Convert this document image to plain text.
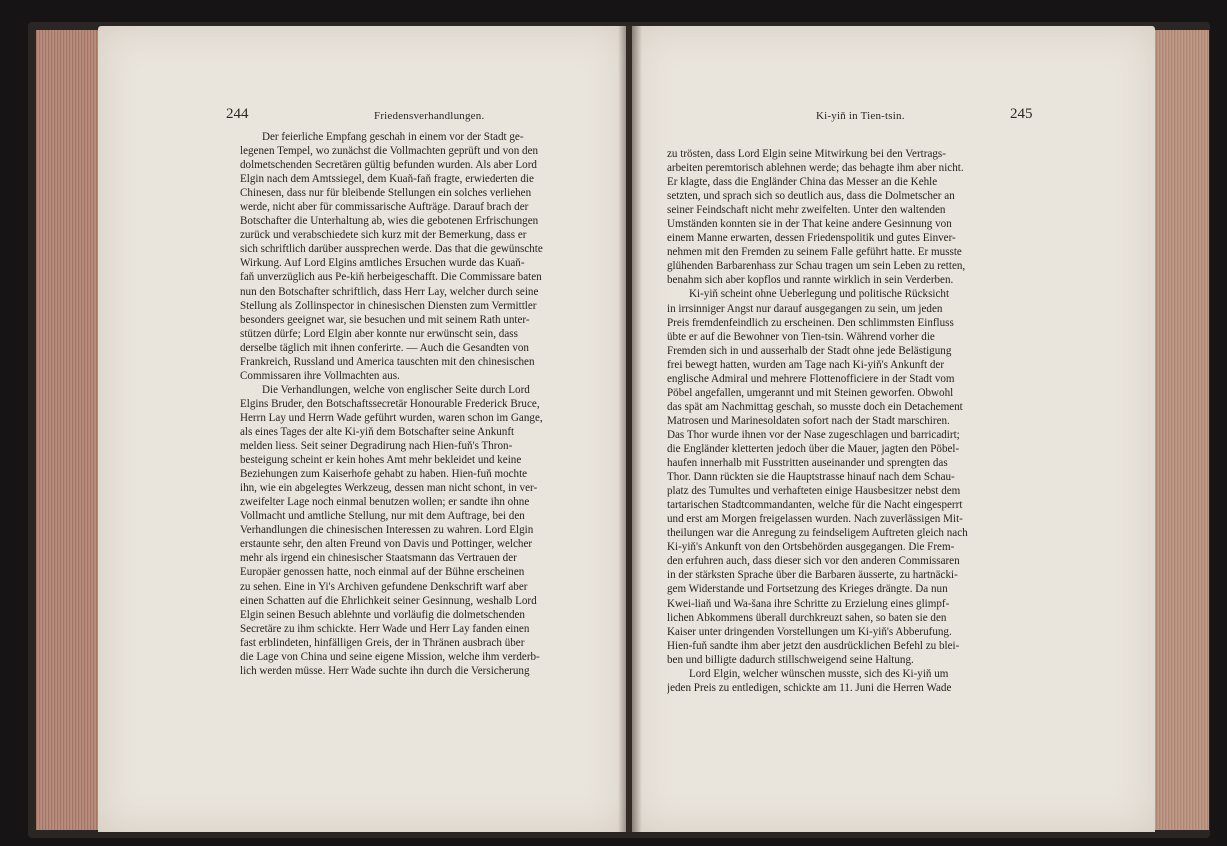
244	Friedensverhandlungen.	245
Ki-yiň in Tien-tsin.
Der feierliche Empfang geschah in einem vor der Stadt ge-
legenen Tempel, wo zunächst die Vollmachten geprüft und von den
dolmetschenden Secretären gültig befunden wurden. Als aber Lord
Elgin nach dem Amtssiegel, dem Kuaň-faň fragte, erwiederten die
Chinesen, dass nur für bleibende Stellungen ein solches verliehen
werde, nicht aber für commissarische Aufträge. Darauf brach der
Botschafter die Unterhaltung ab, wies die gebotenen Erfrischungen
zurück und verabschiedete sich kurz mit der Bemerkung, dass er
sich schriftlich darüber aussprechen werde. Das that die gewünschte
Wirkung. Auf Lord Elgins amtliches Ersuchen wurde das Kuaň-
faň unverzüglich aus Pe-kiň herbeigeschafft. Die Commissare baten
nun den Botschafter schriftlich, dass Herr Lay, welcher durch seine
Stellung als Zollinspector in chinesischen Diensten zum Vermittler
besonders geeignet war, sie besuchen und mit seinem Rath unter-
stützen dürfe; Lord Elgin aber konnte nur erwünscht sein, dass
derselbe täglich mit ihnen conferirte. — Auch die Gesandten von
Frankreich, Russland und America tauschten mit den chinesischen
Commissaren ihre Vollmachten aus.
Die Verhandlungen, welche von englischer Seite durch Lord
Elgins Bruder, den Botschaftssecretär Honourable Frederick Bruce,
Herrn Lay und Herrn Wade geführt wurden, waren schon im Gange,
als eines Tages der alte Ki-yiň dem Botschafter seine Ankunft
melden liess. Seit seiner Degradirung nach Hien-fuň's Thron-
besteigung scheint er kein hohes Amt mehr bekleidet und keine
Beziehungen zum Kaiserhofe gehabt zu haben. Hien-fuň mochte
ihn, wie ein abgelegtes Werkzeug, dessen man nicht schont, in ver-
zweifelter Lage noch einmal benutzen wollen; er sandte ihn ohne
Vollmacht und amtliche Stellung, nur mit dem Auftrage, bei den
Verhandlungen die chinesischen Interessen zu wahren. Lord Elgin
erstaunte sehr, den alten Freund von Davis und Pottinger, welcher
mehr als irgend ein chinesischer Staatsmann das Vertrauen der
Europäer genossen hatte, noch einmal auf der Bühne erscheinen
zu sehen. Eine in Yi's Archiven gefundene Denkschrift warf aber
einen Schatten auf die Ehrlichkeit seiner Gesinnung, weshalb Lord
Elgin seinen Besuch ablehnte und vorläufig die dolmetschenden
Secretäre zu ihm schickte. Herr Wade und Herr Lay fanden einen
fast erblindeten, hinfälligen Greis, der in Thränen ausbrach über
die Lage von China und seine eigene Mission, welche ihm verderb-
lich werden müsse. Herr Wade suchte ihn durch die Versicherung
zu trösten, dass Lord Elgin seine Mitwirkung bei den Vertrags-
arbeiten peremtorisch ablehnen werde; das behagte ihm aber nicht.
Er klagte, dass die Engländer China das Messer an die Kehle
setzten, und sprach sich so deutlich aus, dass die Dolmetscher an
seiner Feindschaft nicht mehr zweifelten. Unter den waltenden
Umständen konnten sie in der That keine andere Gesinnung von
einem Manne erwarten, dessen Friedenspolitik und gutes Einver-
nehmen mit den Fremden zu seinem Falle geführt hatte. Er musste
glühenden Barbarenhass zur Schau tragen um sein Leben zu retten,
benahm sich aber kopflos und rannte wirklich in sein Verderben.
Ki-yiň scheint ohne Ueberlegung und politische Rücksicht
in irrsinniger Angst nur darauf ausgegangen zu sein, um jeden
Preis fremdenfeindlich zu erscheinen. Den schlimmsten Einfluss
übte er auf die Bewohner von Tien-tsin. Während vorher die
Fremden sich in und ausserhalb der Stadt ohne jede Belästigung
frei bewegt hatten, wurden am Tage nach Ki-yiň's Ankunft der
englische Admiral und mehrere Flottenofficiere in der Stadt vom
Pöbel angefallen, umgerannt und mit Steinen geworfen. Obwohl
das spät am Nachmittag geschah, so musste doch ein Detachement
Matrosen und Marinesoldaten sofort nach der Stadt marschiren.
Das Thor wurde ihnen vor der Nase zugeschlagen und barricadirt;
die Engländer kletterten jedoch über die Mauer, jagten den Pöbel-
haufen innerhalb mit Fusstritten auseinander und sprengten das
Thor. Dann rückten sie die Hauptstrasse hinauf nach dem Schau-
platz des Tumultes und verhafteten einige Hausbesitzer nebst dem
tartarischen Stadtcommandanten, welche für die Nacht eingesperrt
und erst am Morgen freigelassen wurden. Nach zuverlässigen Mit-
theilungen war die Anregung zu feindseligem Auftreten gleich nach
Ki-yiň's Ankunft von den Ortsbehörden ausgegangen. Die Frem-
den erfuhren auch, dass dieser sich vor den anderen Commissaren
in der stärksten Sprache über die Barbaren äusserte, zu hartnäcki-
gem Widerstande und Fortsetzung des Krieges drängte. Da nun
Kwei-liaň und Wa-šana ihre Schritte zu Erzielung eines glimpf-
lichen Abkommens überall durchkreuzt sahen, so baten sie den
Kaiser unter dringenden Vorstellungen um Ki-yiň's Abberufung.
Hien-fuň sandte ihm aber jetzt den ausdrücklichen Befehl zu blei-
ben und billigte dadurch stillschweigend seine Haltung.
Lord Elgin, welcher wünschen musste, sich des Ki-yiň um
jeden Preis zu entledigen, schickte am 11. Juni die Herren Wade
